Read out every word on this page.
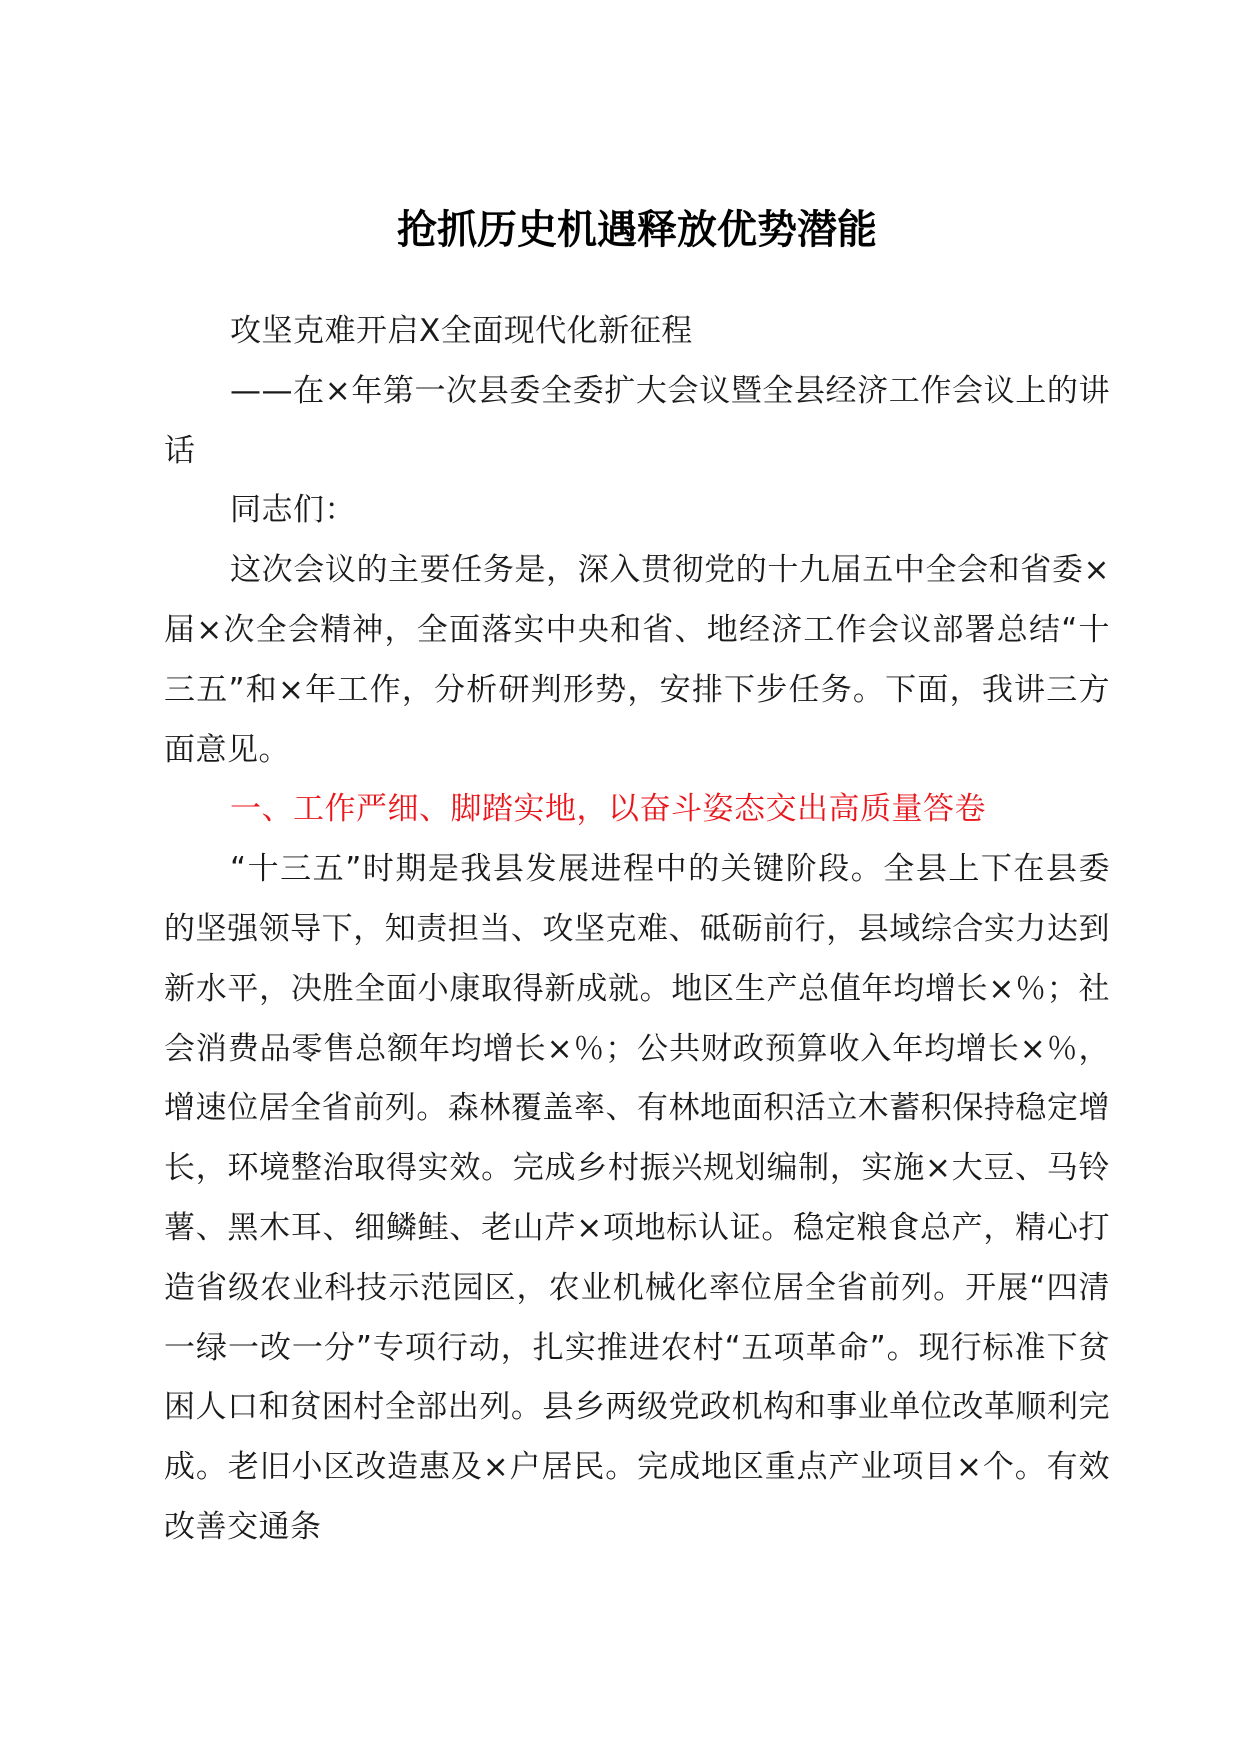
抢抓历史机遇释放优势潜能

攻坚克难开启X全面现代化新征程

——在×年第一次县委全委扩大会议暨全县经济工作会议上的讲话

同志们：

这次会议的主要任务是，深入贯彻党的十九届五中全会和省委×届×次全会精神，全面落实中央和省、地经济工作会议部署总结“十三五”和×年工作，分析研判形势，安排下步任务。下面，我讲三方面意见。

一、工作严细、脚踏实地，以奋斗姿态交出高质量答卷

“十三五”时期是我县发展进程中的关键阶段。全县上下在县委的坚强领导下，知责担当、攻坚克难、砥砺前行，县域综合实力达到新水平，决胜全面小康取得新成就。地区生产总值年均增长×％；社会消费品零售总额年均增长×％；公共财政预算收入年均增长×％，增速位居全省前列。森林覆盖率、有林地面积活立木蓄积保持稳定增长，环境整治取得实效。完成乡村振兴规划编制，实施×大豆、马铃薯、黑木耳、细鳞鲑、老山芹×项地标认证。稳定粮食总产，精心打造省级农业科技示范园区，农业机械化率位居全省前列。开展“四清一绿一改一分”专项行动，扎实推进农村“五项革命”。现行标准下贫困人口和贫困村全部出列。县乡两级党政机构和事业单位改革顺利完成。老旧小区改造惠及×户居民。完成地区重点产业项目×个。有效改善交通条
